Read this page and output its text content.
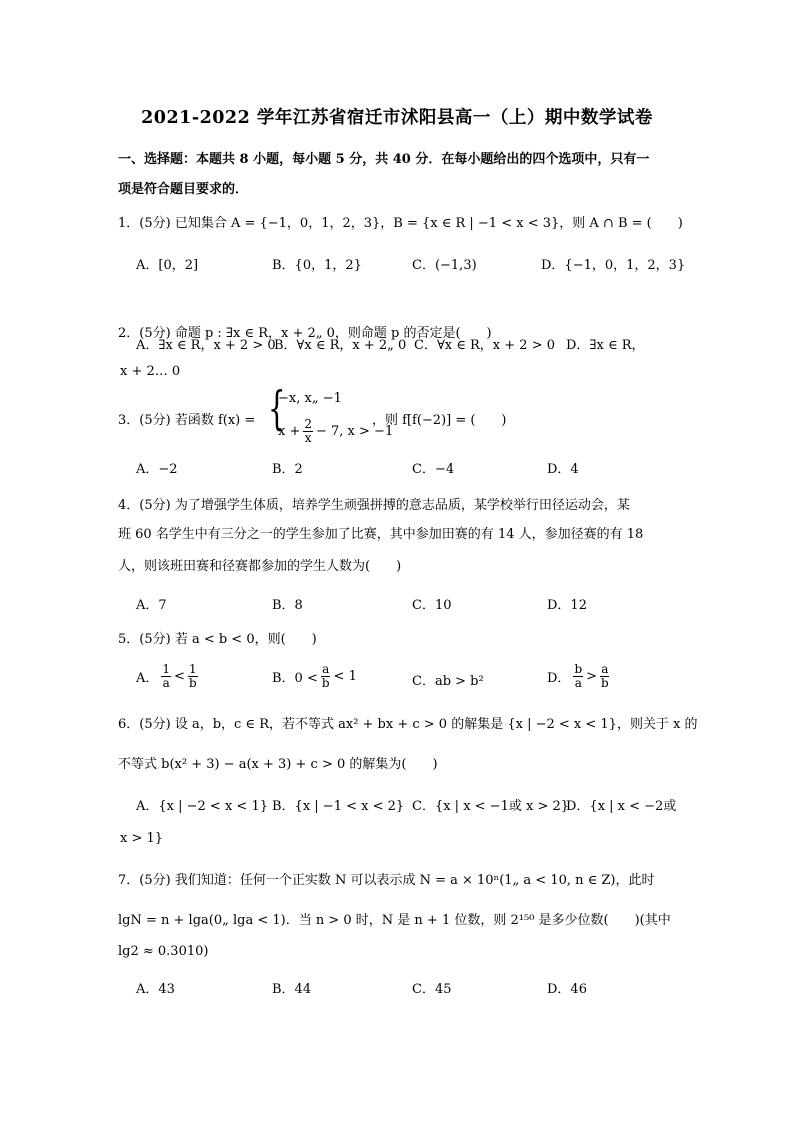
2021-2022 学年江苏省宿迁市沭阳县高一（上）期中数学试卷
一、选择题：本题共 8 小题，每小题 5 分，共 40 分．在每小题给出的四个选项中，只有一
项是符合题目要求的．
1．(5分) 已知集合 A = {−1，0，1，2，3}，B = {x ∈ R | −1 < x < 3}，则 A ∩ B = (　　)
A．[0，2]	B．{0，1，2}	C．(−1,3)	D．{−1，0，1，2，3}
2．(5分) 命题 p : ∃x ∈ R，x + 2„ 0，则命题 p 的否定是(　　)
A．∃x ∈ R，x + 2 > 0
B．∀x ∈ R，x + 2„ 0 C．∀x ∈ R，x + 2 > 0 D．∃x ∈ R，
x + 2… 0
3．(5分) 若函数 f(x) = {
−x, x„ −1
$x + \frac{2}{x} - 7$, x > −1
，则 f[f(−2)] = (　　)
A．−2	B．2	C．−4	D．4
4．(5分) 为了增强学生体质，培养学生顽强拼搏的意志品质，某学校举行田径运动会，某
班 60 名学生中有三分之一的学生参加了比赛，其中参加田赛的有 14 人，参加径赛的有 18
人，则该班田赛和径赛都参加的学生人数为(　　)
A．7	B．8	C．10	D．12
5．(5分) 若 a < b < 0，则(　　)
A． $\frac{1}{a} < \frac{1}{b}$	B．$0 < \frac{a}{b} < 1$	C．ab > b²	D． $\frac{b}{a} > \frac{a}{b}$
6．(5分) 设 a，b，c ∈ R，若不等式 ax² + bx + c > 0 的解集是 {x | −2 < x < 1}，则关于 x 的
不等式 b(x² + 3) − a(x + 3) + c > 0 的解集为(　　)
A．{x | −2 < x < 1} B．{x | −1 < x < 2} C．{x | x < −1或 x > 2}
D．{x | x < −2或
x > 1}
7．(5分) 我们知道：任何一个正实数 N 可以表示成 N = a × 10ⁿ(1„ a < 10, n ∈ Z)，此时
lgN = n + lga(0„ lga < 1)．当 n > 0 时，N 是 n + 1 位数，则 2¹⁵⁰ 是多少位数(　　)(其中
lg2 ≈ 0.3010)
A．43	B．44	C．45	D．46
